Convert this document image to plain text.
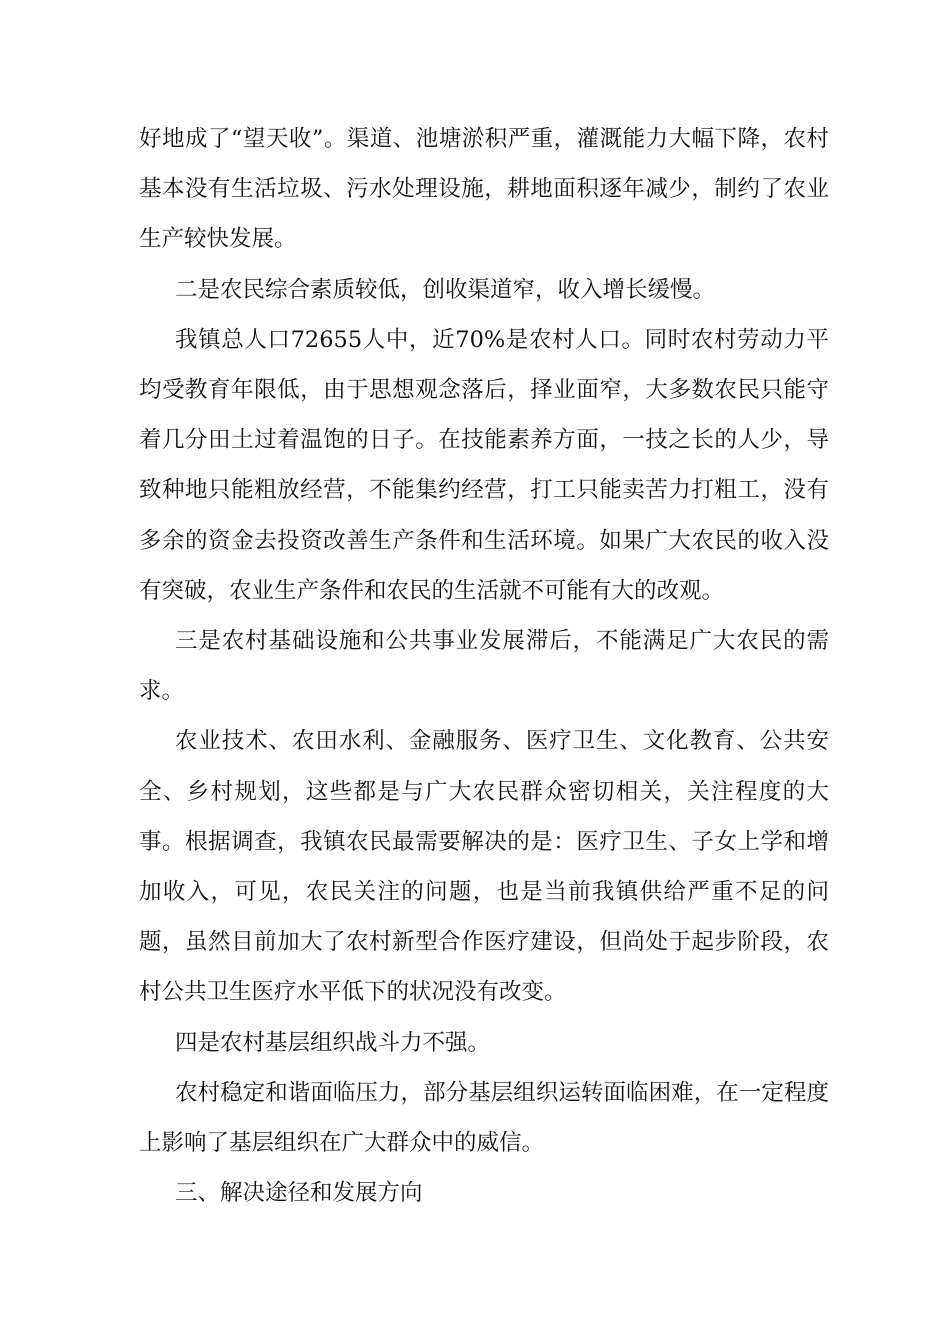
好地成了“望天收”。渠道、池塘淤积严重，灌溉能力大幅下降，农村基本没有生活垃圾、污水处理设施，耕地面积逐年减少，制约了农业生产较快发展。

二是农民综合素质较低，创收渠道窄，收入增长缓慢。

我镇总人口72655人中，近70%是农村人口。同时农村劳动力平均受教育年限低，由于思想观念落后，择业面窄，大多数农民只能守着几分田土过着温饱的日子。在技能素养方面，一技之长的人少，导致种地只能粗放经营，不能集约经营，打工只能卖苦力打粗工，没有多余的资金去投资改善生产条件和生活环境。如果广大农民的收入没有突破，农业生产条件和农民的生活就不可能有大的改观。

三是农村基础设施和公共事业发展滞后，不能满足广大农民的需求。

农业技术、农田水利、金融服务、医疗卫生、文化教育、公共安全、乡村规划，这些都是与广大农民群众密切相关，关注程度的大事。根据调查，我镇农民最需要解决的是：医疗卫生、子女上学和增加收入，可见，农民关注的问题，也是当前我镇供给严重不足的问题，虽然目前加大了农村新型合作医疗建设，但尚处于起步阶段，农村公共卫生医疗水平低下的状况没有改变。

四是农村基层组织战斗力不强。

农村稳定和谐面临压力，部分基层组织运转面临困难，在一定程度上影响了基层组织在广大群众中的威信。

三、解决途径和发展方向
